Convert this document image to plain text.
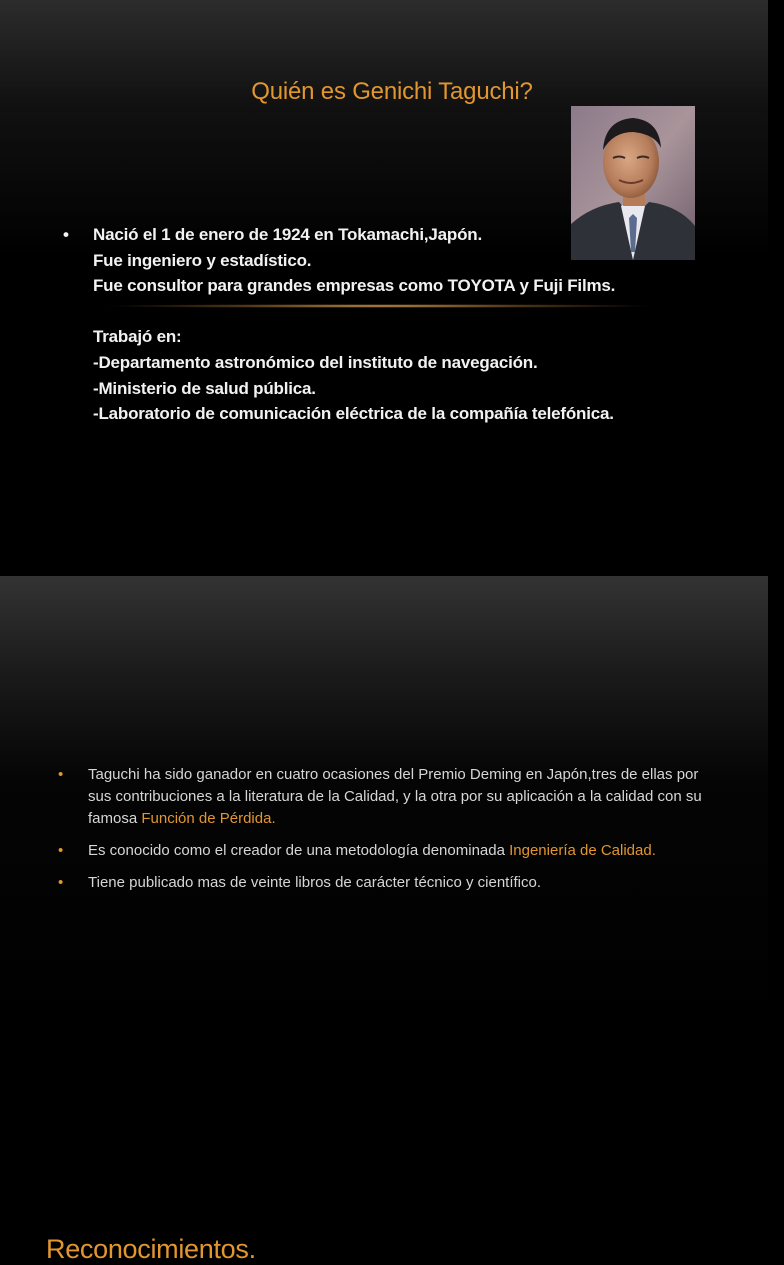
Quién es Genichi Taguchi?
• Nació el 1 de enero de 1924 en Tokamachi,Japón.
Fue ingeniero y estadístico.
Fue consultor para grandes empresas como TOYOTA y Fuji Films.
Trabajó en:
-Departamento astronómico del instituto de navegación.
-Ministerio de salud pública.
-Laboratorio de comunicación eléctrica de la compañía telefónica.
Reconocimientos.
• Taguchi ha sido ganador en cuatro ocasiones del Premio Deming en Japón,tres de ellas por sus contribuciones a la literatura de la Calidad, y la otra por su aplicación a la calidad con su famosa Función de Pérdida.
• Es conocido como el creador de una metodología denominada Ingeniería de Calidad.
• Tiene publicado mas de veinte libros de carácter técnico y científico.
